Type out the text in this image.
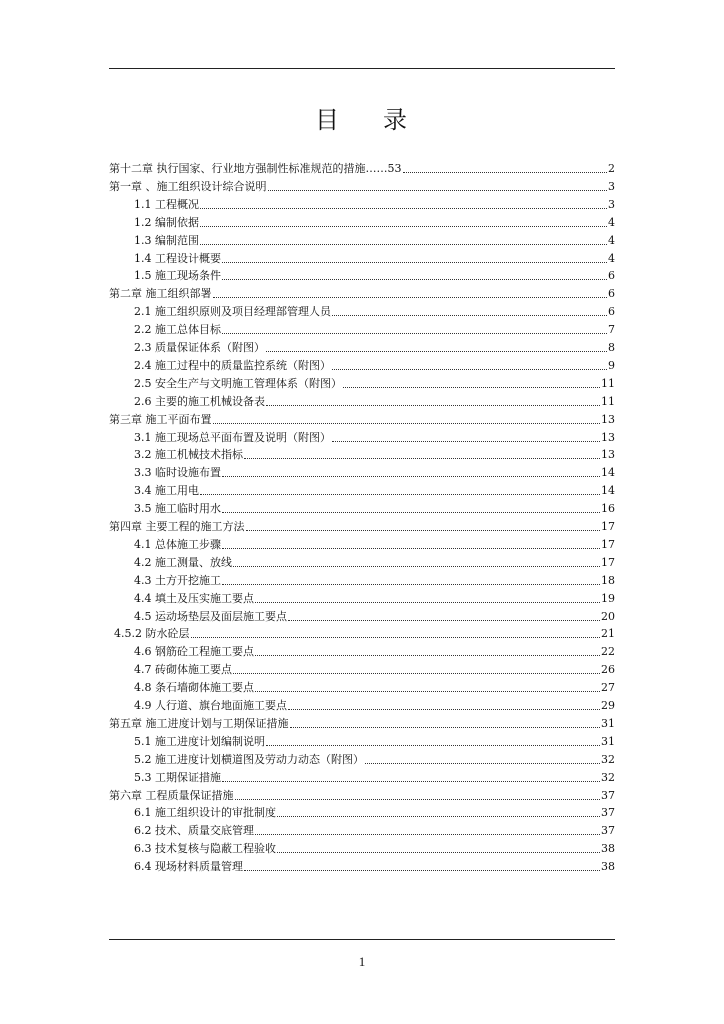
目 录
第十二章 执行国家、行业地方强制性标准规范的措施……53	2
第一章 、施工组织设计综合说明	3
1.1 工程概况	3
1.2 编制依据	4
1.3 编制范围	4
1.4 工程设计概要	4
1.5 施工现场条件	6
第二章 施工组织部署	6
2.1 施工组织原则及项目经理部管理人员	6
2.2 施工总体目标	7
2.3 质量保证体系（附图）	8
2.4 施工过程中的质量监控系统（附图）	9
2.5 安全生产与文明施工管理体系（附图）	11
2.6 主要的施工机械设备表	11
第三章 施工平面布置	13
3.1 施工现场总平面布置及说明（附图）	13
3.2 施工机械技术指标	13
3.3 临时设施布置	14
3.4 施工用电	14
3.5 施工临时用水	16
第四章 主要工程的施工方法	17
4.1 总体施工步骤	17
4.2 施工测量、放线	17
4.3 土方开挖施工	18
4.4 填土及压实施工要点	19
4.5 运动场垫层及面层施工要点	20
4.5.2 防水砼层	21
4.6 钢筋砼工程施工要点	22
4.7 砖砌体施工要点	26
4.8 条石墙砌体施工要点	27
4.9 人行道、旗台地面施工要点	29
第五章 施工进度计划与工期保证措施	31
5.1 施工进度计划编制说明	31
5.2 施工进度计划横道图及劳动力动态（附图）	32
5.3 工期保证措施	32
第六章 工程质量保证措施	37
6.1 施工组织设计的审批制度	37
6.2 技术、质量交底管理	37
6.3 技术复核与隐蔽工程验收	38
6.4 现场材料质量管理	38
1
